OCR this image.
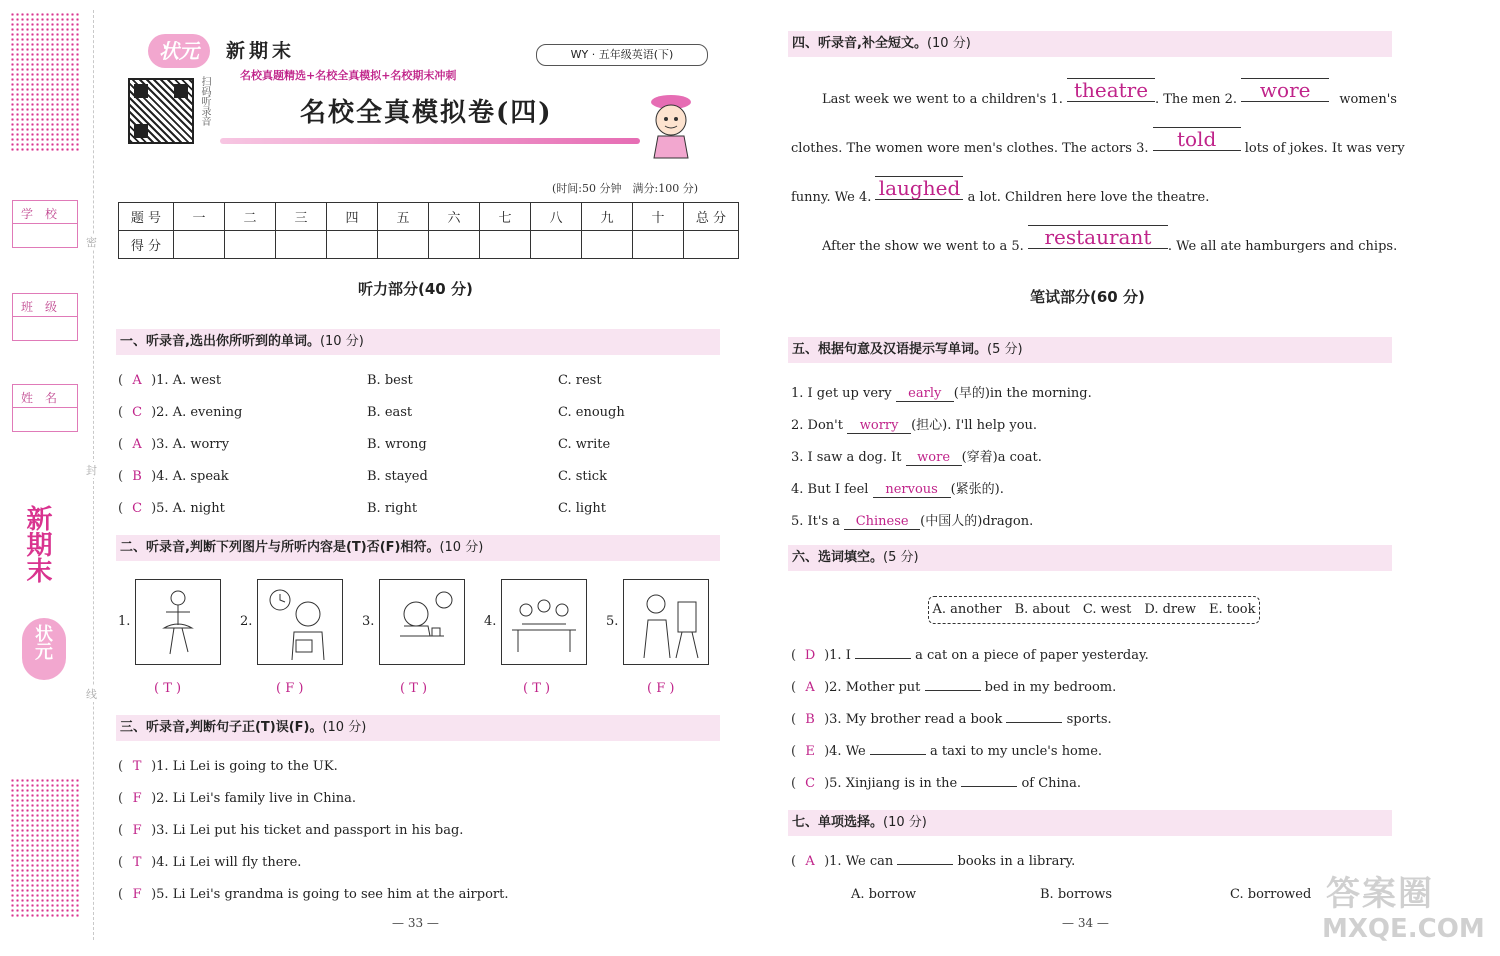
学校
班级
姓名
密
封
线
新期末
状元
状元	新期末
名校真题精选+名校全真模拟+名校期末冲刺
WY · 五年级英语(下)
扫码听录音	名校全真模拟卷(四)
(时间:50 分钟　满分:100 分)
题 号	一	二	三	四	五	六	七	八	九	十	总 分
得 分											
听力部分(40 分)
一、听录音,选出你所听到的单词。(10 分)
( A )1. A. west	B. best	C. rest
( C )2. A. evening	B. east	C. enough
( A )3. A. worry	B. wrong	C. write
( B )4. A. speak	B. stayed	C. stick
( C )5. A. night	B. right	C. light
二、听录音,判断下列图片与所听内容是(T)否(F)相符。(10 分)
1.	2.	3.	4.	5.
( T )	( F )	( T )	( T )	( F )
三、听录音,判断句子正(T)误(F)。(10 分)
( T )1. Li Lei is going to the UK.
( F )2. Li Lei's family live in China.
( F )3. Li Lei put his ticket and passport in his bag.
( T )4. Li Lei will fly there.
( F )5. Li Lei's grandma is going to see him at the airport.
— 33 —
四、听录音,补全短文。(10 分)
Last week we went to a children's 1. theatre . The men 2. wore women's
clothes. The women wore men's clothes. The actors 3. told lots of jokes. It was very
funny. We 4. laughed a lot. Children here love the theatre.
After the show we went to a 5. restaurant . We all ate hamburgers and chips.
笔试部分(60 分)
五、根据句意及汉语提示写单词。(5 分)
1. I get up very early (早的)in the morning.
2. Don't worry (担心). I'll help you.
3. I saw a dog. It wore (穿着)a coat.
4. But I feel nervous (紧张的).
5. It's a Chinese (中国人的)dragon.
六、选词填空。(5 分)
A. another　B. about　C. west　D. drew　E. took
( D )1. I	a cat on a piece of paper yesterday.
( A )2. Mother put	bed in my bedroom.
( B )3. My brother read a book	sports.
( E )4. We	a taxi to my uncle's home.
( C )5. Xinjiang is in the	of China.
七、单项选择。(10 分)
( A )1. We can	books in a library.
A. borrow	B. borrows	C. borrowed
— 34 —
答案圈
MXQE.COM
